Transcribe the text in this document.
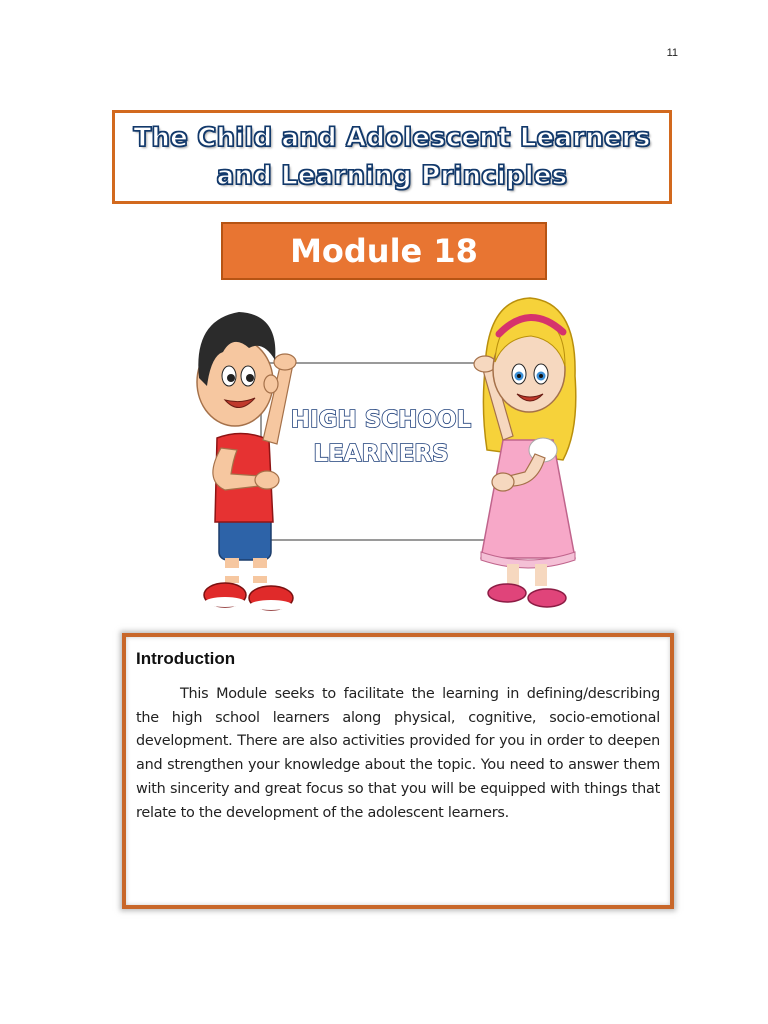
11
The Child and Adolescent Learners
and Learning Principles
Module 18
HIGH SCHOOL
LEARNERS
Introduction

This Module seeks to facilitate the learning in defining/describing the high school learners along physical, cognitive, socio-emotional development. There are also activities provided for you in order to deepen and strengthen your knowledge about the topic. You need to answer them with sincerity and great focus so that you will be equipped with things that relate to the development of the adolescent learners.
